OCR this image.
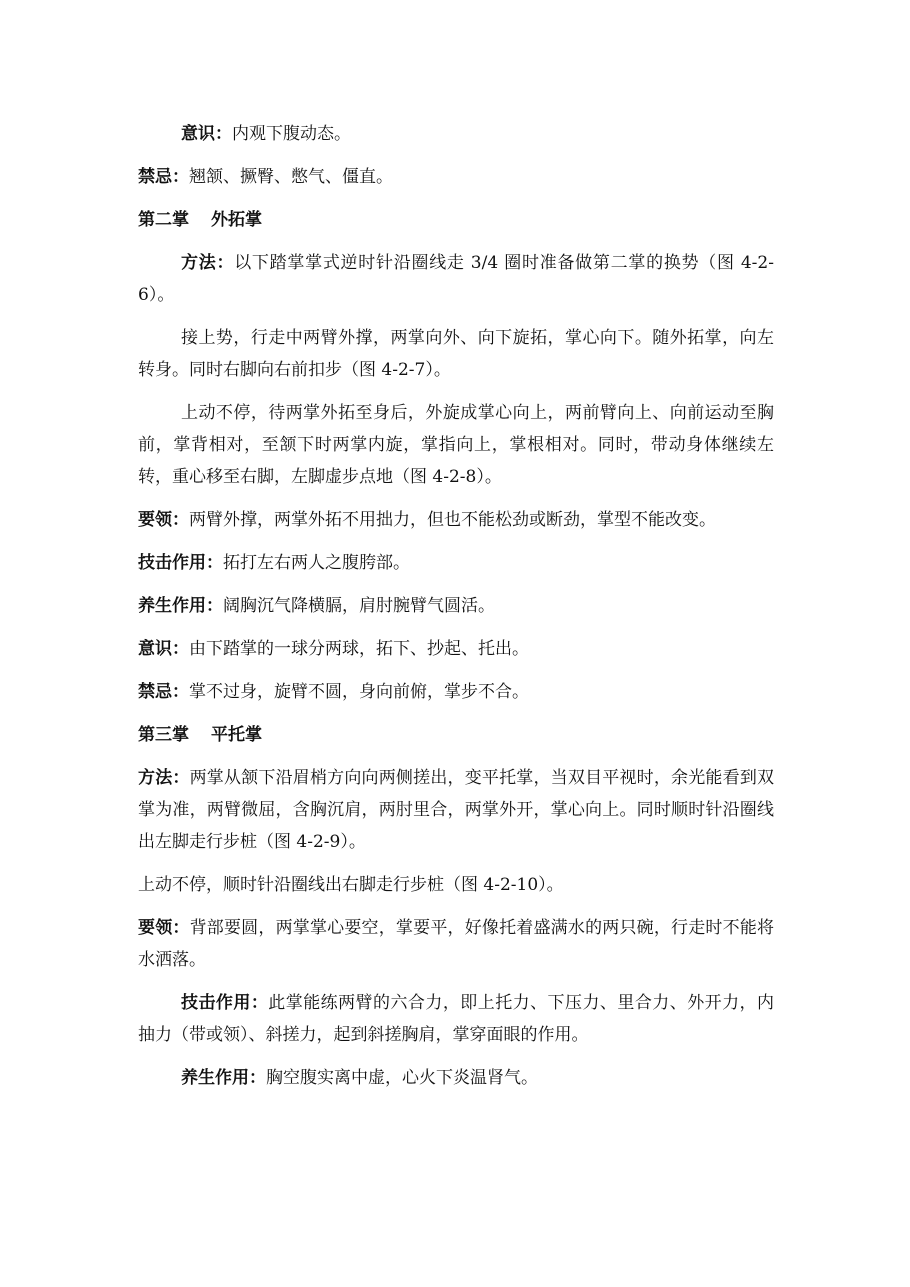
意识：内观下腹动态。

禁忌：翘颔、撅臀、憋气、僵直。

第二掌 外拓掌

方法：以下踏掌掌式逆时针沿圈线走 3/4 圈时准备做第二掌的换势（图 4-2-6）。

接上势，行走中两臂外撑，两掌向外、向下旋拓，掌心向下。随外拓掌，向左转身。同时右脚向右前扣步（图 4-2-7）。

上动不停，待两掌外拓至身后，外旋成掌心向上，两前臂向上、向前运动至胸前，掌背相对，至颔下时两掌内旋，掌指向上，掌根相对。同时，带动身体继续左转，重心移至右脚，左脚虚步点地（图 4-2-8）。

要领：两臂外撑，两掌外拓不用拙力，但也不能松劲或断劲，掌型不能改变。

技击作用：拓打左右两人之腹胯部。

养生作用：阔胸沉气降横膈，肩肘腕臂气圆活。

意识：由下踏掌的一球分两球，拓下、抄起、托出。

禁忌：掌不过身，旋臂不圆，身向前俯，掌步不合。

第三掌 平托掌

方法：两掌从颔下沿眉梢方向向两侧搓出，变平托掌，当双目平视时，余光能看到双掌为准，两臂微屈，含胸沉肩，两肘里合，两掌外开，掌心向上。同时顺时针沿圈线出左脚走行步桩（图 4-2-9）。

上动不停，顺时针沿圈线出右脚走行步桩（图 4-2-10）。

要领：背部要圆，两掌掌心要空，掌要平，好像托着盛满水的两只碗，行走时不能将水洒落。

技击作用：此掌能练两臂的六合力，即上托力、下压力、里合力、外开力，内抽力（带或领）、斜搓力，起到斜搓胸肩，掌穿面眼的作用。

养生作用：胸空腹实离中虚，心火下炎温肾气。
